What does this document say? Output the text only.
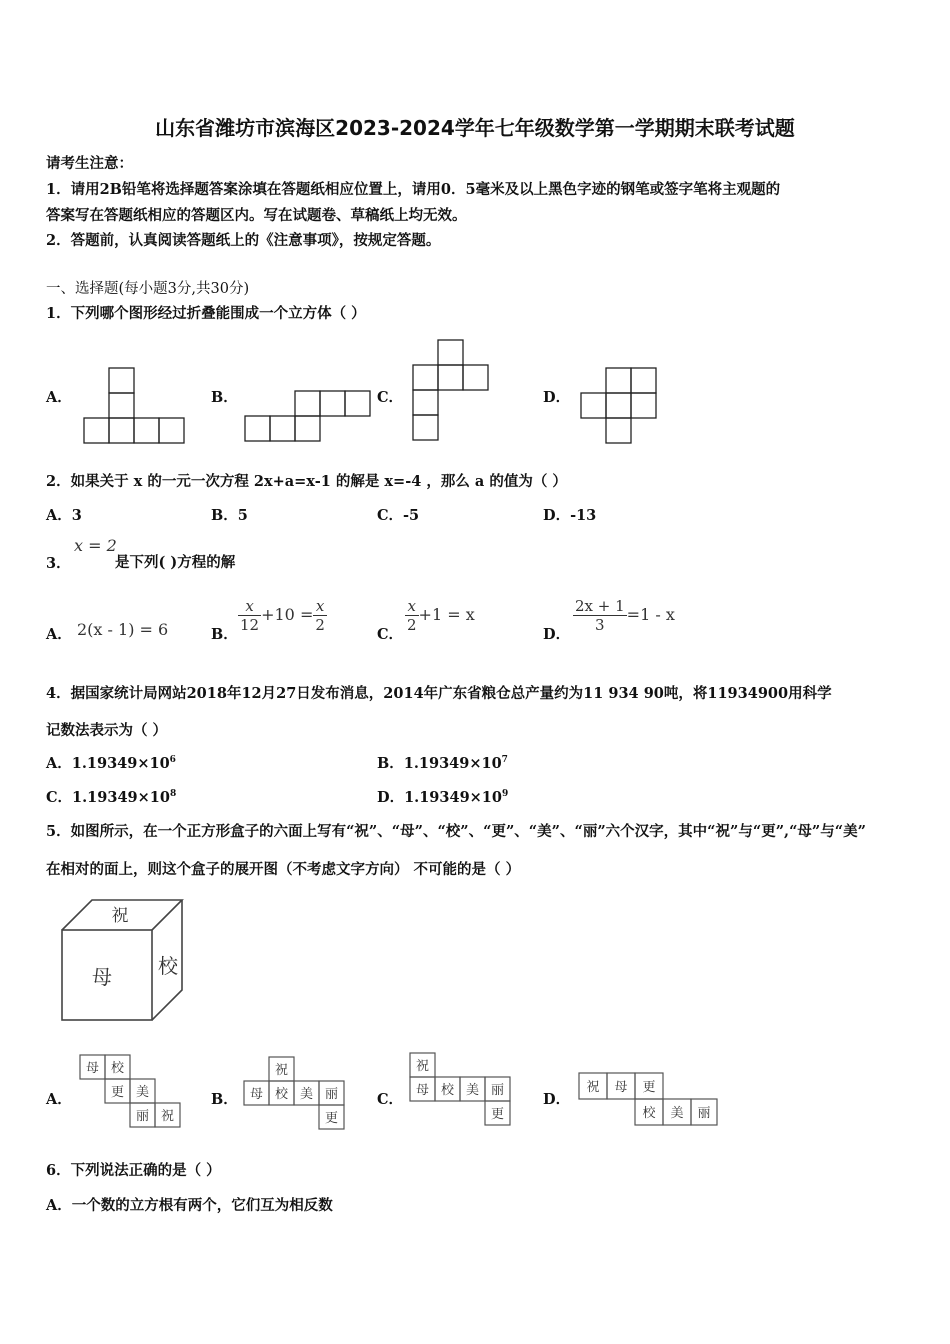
山东省潍坊市滨海区2023-2024学年七年级数学第一学期期末联考试题
请考生注意：
1．请用2B铅笔将选择题答案涂填在答题纸相应位置上，请用0．5毫米及以上黑色字迹的钢笔或签字笔将主观题的
答案写在答题纸相应的答题区内。写在试题卷、草稿纸上均无效。
2．答题前，认真阅读答题纸上的《注意事项》，按规定答题。
一、选择题(每小题3分,共30分)
1．下列哪个图形经过折叠能围成一个立方体（ ）
A．	B．	C．	D．
2．如果关于 x 的一元一次方程 2x+a=x-1 的解是 x=-4 ，那么 a 的值为（ ）
A．3	B．5	C．-5	D．-13
3．
x = 2
是下列( )方程的解
A． 2(x - 1) = 6	B．
$\frac{x}{12} +10 = \frac{x}{2}$
C．
$\frac{x}{2} +1 = x$
D．
$\frac{2x + 1}{3} =1 - x$
4．据国家统计局网站2018年12月27日发布消息，2014年广东省粮仓总产量约为11 934 90吨，将11934900用科学
记数法表示为（ ）
A．$1.19349\times 10^6$	B．$1.19349\times 10^7$
C．$1.19349\times 10^8$	D．$1.19349\times 10^9$
5．如图所示，在一个正方形盒子的六面上写有“祝”、“母”、“校”、“更”、“美”、“丽”六个汉字，其中“祝”与“更”,“母”与“美”
在相对的面上，则这个盒子的展开图（不考虑文字方向） 不可能的是（ ）
祝
母 校
A．	B．	C．	D．
母 校
更 美
丽 祝
祝
母 校 美 丽
更
祝
母 校 美 丽
更
祝 母 更
校 美 丽
6．下列说法正确的是（ ）
A．一个数的立方根有两个，它们互为相反数
